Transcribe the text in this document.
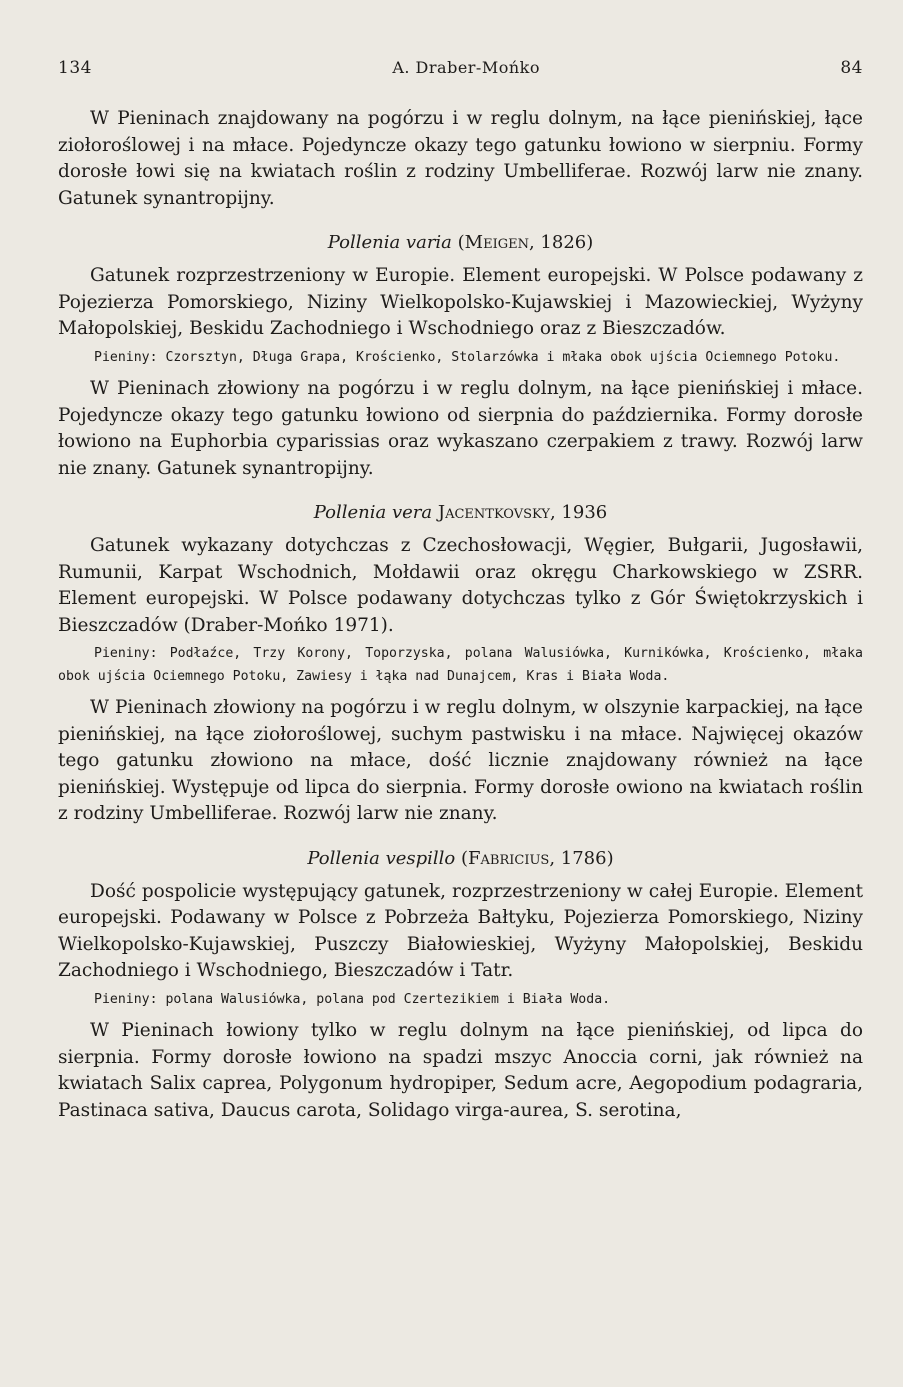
134	A. Draber-Mońko	84

W Pieninach znajdowany na pogórzu i w reglu dolnym, na łące pienińskiej, łące ziołoroślowej i na młace. Pojedyncze okazy tego gatunku łowiono w sierpniu. Formy dorosłe łowi się na kwiatach roślin z rodziny Umbelliferae. Rozwój larw nie znany. Gatunek synantropijny.

Pollenia varia (Meigen, 1826)

Gatunek rozprzestrzeniony w Europie. Element europejski. W Polsce podawany z Pojezierza Pomorskiego, Niziny Wielkopolsko-Kujawskiej i Mazowieckiej, Wyżyny Małopolskiej, Beskidu Zachodniego i Wschodniego oraz z Bieszczadów.

Pieniny: Czorsztyn, Długa Grapa, Krościenko, Stolarzówka i młaka obok ujścia Ociemnego Potoku.

W Pieninach złowiony na pogórzu i w reglu dolnym, na łące pienińskiej i młace. Pojedyncze okazy tego gatunku łowiono od sierpnia do października. Formy dorosłe łowiono na Euphorbia cyparissias oraz wykaszano czerpakiem z trawy. Rozwój larw nie znany. Gatunek synantropijny.

Pollenia vera Jacentkovsky, 1936

Gatunek wykazany dotychczas z Czechosłowacji, Węgier, Bułgarii, Jugosławii, Rumunii, Karpat Wschodnich, Mołdawii oraz okręgu Charkowskiego w ZSRR. Element europejski. W Polsce podawany dotychczas tylko z Gór Świętokrzyskich i Bieszczadów (Draber-Mońko 1971).

Pieniny: Podłaźce, Trzy Korony, Toporzyska, polana Walusiówka, Kurnikówka, Krościenko, młaka obok ujścia Ociemnego Potoku, Zawiesy i łąka nad Dunajcem, Kras i Biała Woda.

W Pieninach złowiony na pogórzu i w reglu dolnym, w olszynie karpackiej, na łące pienińskiej, na łące ziołoroślowej, suchym pastwisku i na młace. Najwięcej okazów tego gatunku złowiono na młace, dość licznie znajdowany również na łące pienińskiej. Występuje od lipca do sierpnia. Formy dorosłe owiono na kwiatach roślin z rodziny Umbelliferae. Rozwój larw nie znany.

Pollenia vespillo (Fabricius, 1786)

Dość pospolicie występujący gatunek, rozprzestrzeniony w całej Europie. Element europejski. Podawany w Polsce z Pobrzeża Bałtyku, Pojezierza Pomorskiego, Niziny Wielkopolsko-Kujawskiej, Puszczy Białowieskiej, Wyżyny Małopolskiej, Beskidu Zachodniego i Wschodniego, Bieszczadów i Tatr.

Pieniny: polana Walusiówka, polana pod Czertezikiem i Biała Woda.

W Pieninach łowiony tylko w reglu dolnym na łące pienińskiej, od lipca do sierpnia. Formy dorosłe łowiono na spadzi mszyc Anoccia corni, jak również na kwiatach Salix caprea, Polygonum hydropiper, Sedum acre, Aegopodium podagraria, Pastinaca sativa, Daucus carota, Solidago virga-aurea, S. serotina,
